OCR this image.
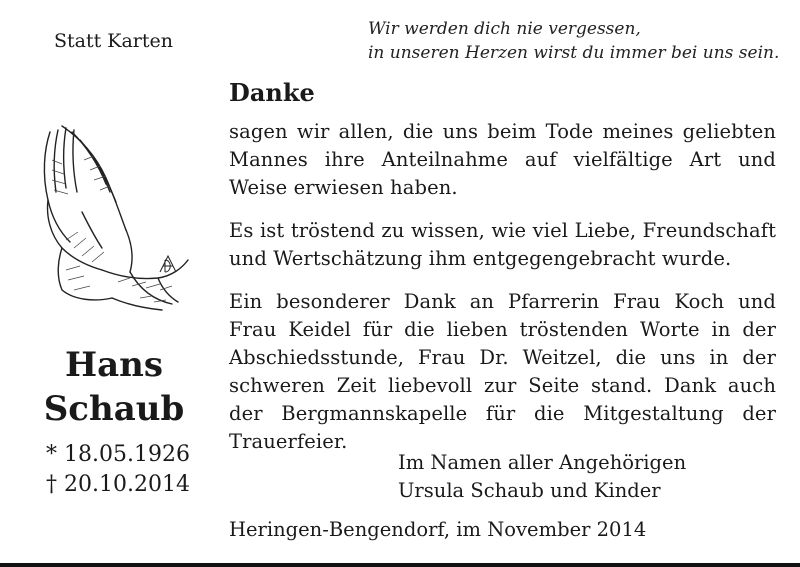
Statt Karten
Wir werden dich nie vergessen,
in unseren Herzen wirst du immer bei uns sein.
Danke
sagen wir allen, die uns beim Tode meines geliebten Mannes ihre Anteilnahme auf vielfältige Art und Weise erwiesen haben.
Es ist tröstend zu wissen, wie viel Liebe, Freundschaft und Wertschätzung ihm entgegengebracht wurde.
Ein besonderer Dank an Pfarrerin Frau Koch und Frau Keidel für die lieben tröstenden Worte in der Abschiedsstunde, Frau Dr. Weitzel, die uns in der schweren Zeit liebevoll zur Seite stand. Dank auch der Bergmannskapelle für die Mitgestaltung der Trauerfeier.
Hans
Schaub
* 18.05.1926
† 20.10.2014
Im Namen aller Angehörigen
Ursula Schaub und Kinder
Heringen-Bengendorf, im November 2014
